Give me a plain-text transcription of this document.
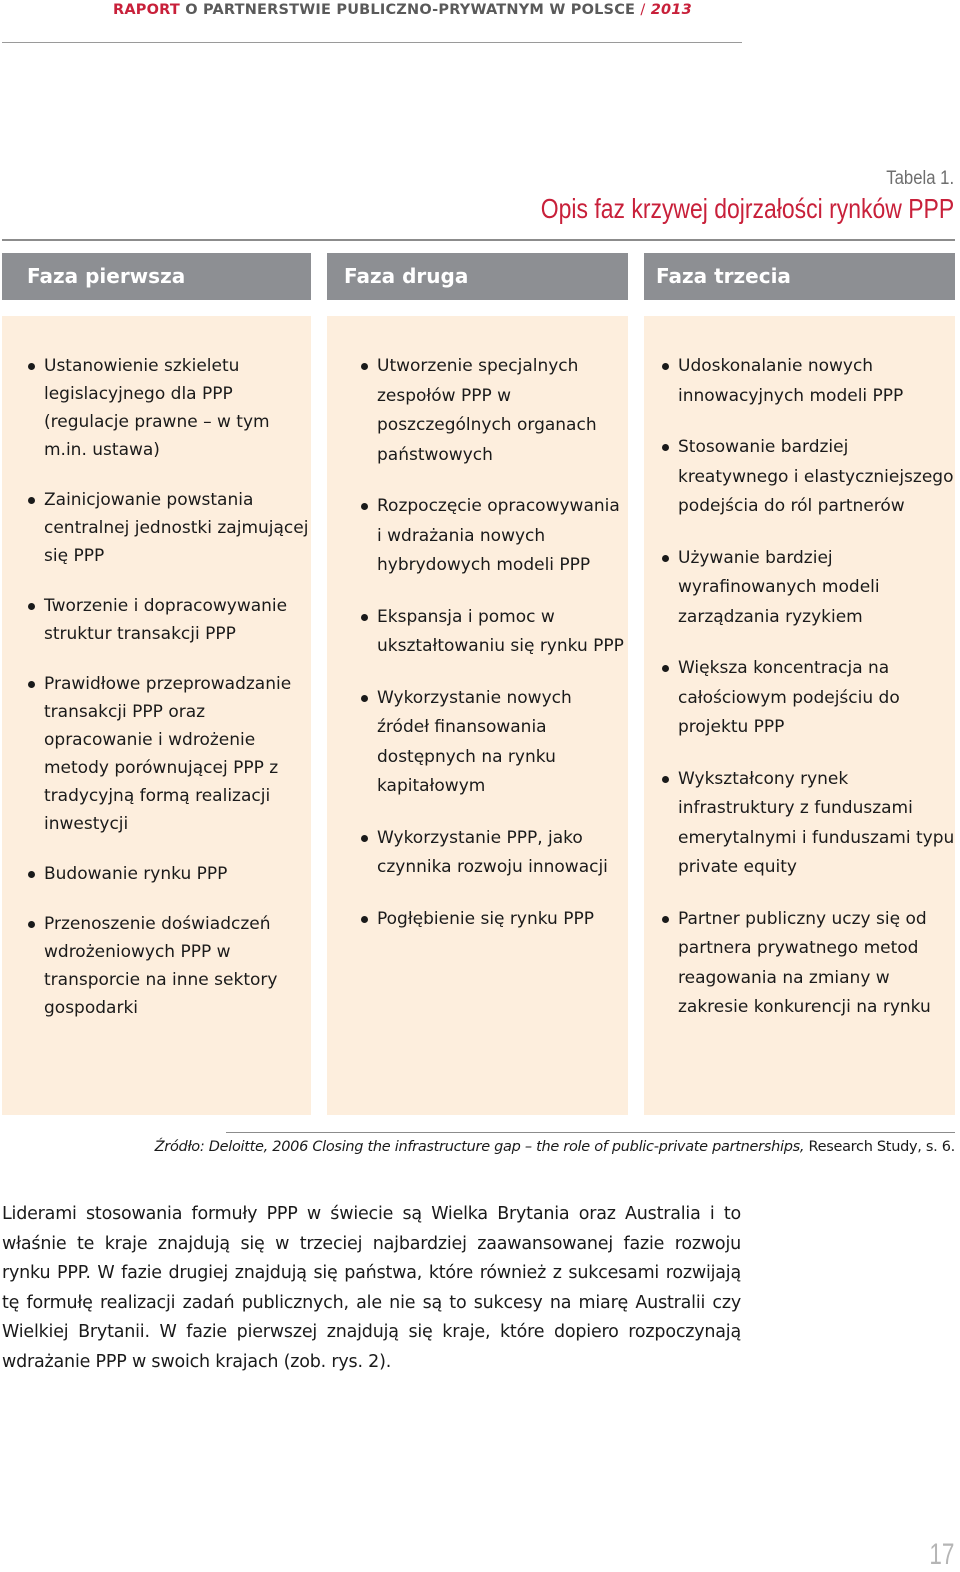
RAPORT O PARTNERSTWIE PUBLICZNO-PRYWATNYM W POLSCE / 2013
Tabela 1.
Opis faz krzywej dojrzałości rynków PPP
Faza pierwsza	Faza druga	Faza trzecia
Ustanowienie szkieletu legislacyjnego dla PPP (regulacje prawne – w tym m.in. ustawa)
Zainicjowanie powstania centralnej jednostki zajmującej się PPP
Tworzenie i dopracowywanie struktur transakcji PPP
Prawidłowe przeprowadzanie transakcji PPP oraz opracowanie i wdrożenie metody porównującej PPP z tradycyjną formą realizacji inwestycji
Budowanie rynku PPP
Przenoszenie doświadczeń wdrożeniowych PPP w transporcie na inne sektory gospodarki
Utworzenie specjalnych zespołów PPP w poszczególnych organach państwowych
Rozpoczęcie opracowywania i wdrażania nowych hybrydowych modeli PPP
Ekspansja i pomoc w ukształtowaniu się rynku PPP
Wykorzystanie nowych źródeł finansowania dostępnych na rynku kapitałowym
Wykorzystanie PPP, jako czynnika rozwoju innowacji
Pogłębienie się rynku PPP
Udoskonalanie nowych innowacyjnych modeli PPP
Stosowanie bardziej kreatywnego i elastyczniejszego podejścia do ról partnerów
Używanie bardziej wyrafinowanych modeli zarządzania ryzykiem
Większa koncentracja na całościowym podejściu do projektu PPP
Wykształcony rynek infrastruktury z funduszami emerytalnymi i funduszami typu private equity
Partner publiczny uczy się od partnera prywatnego metod reagowania na zmiany w zakresie konkurencji na rynku
Źródło: Deloitte, 2006 Closing the infrastructure gap – the role of public-private partnerships, Research Study, s. 6.
Liderami stosowania formuły PPP w świecie są Wielka Brytania oraz Australia i to właśnie te kraje znajdują się w trzeciej najbardziej zaawansowanej fazie rozwoju rynku PPP. W fazie drugiej znajdują się państwa, które również z sukcesami rozwijają tę formułę realizacji zadań publicznych, ale nie są to sukcesy na miarę Australii czy Wielkiej Brytanii. W fazie pierwszej znajdują się kraje, które dopiero rozpoczynają wdrażanie PPP w swoich krajach (zob. rys. 2).
17
